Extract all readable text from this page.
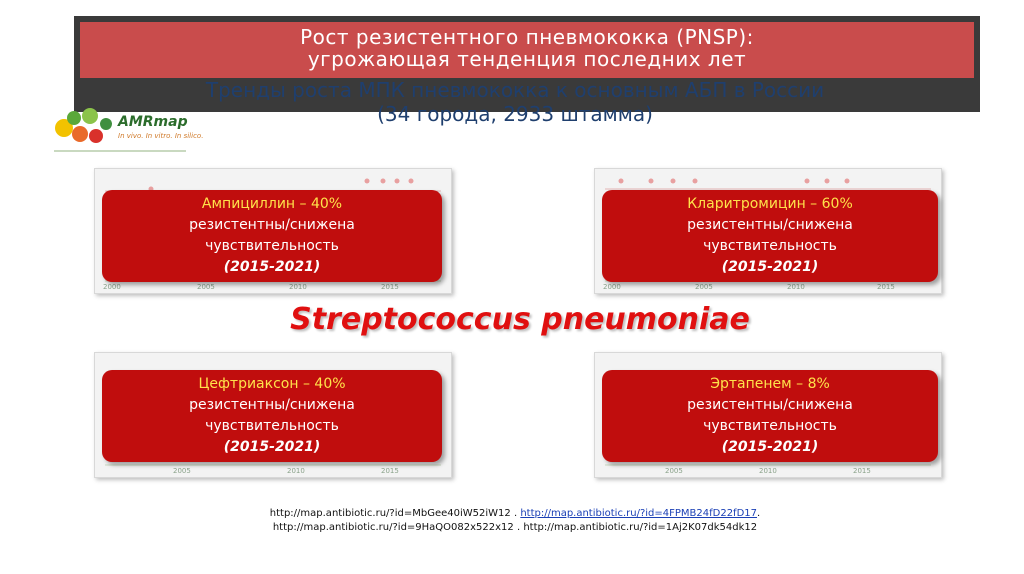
Рост резистентного пневмококка (PNSP):
угрожающая тенденция последних лет
Тренды роста МПК пневмококка к основным АБП в России
(34 города, 2933 штамма)
AMRmap
In vivo. In vitro. In silico.
2000	2005	2010	2015	2000	2005	2010	2015
2005	2010	2015	2005	2010	2015
Ампициллин – 40%
резистентны/снижена
чувствительность
(2015-2021)
Кларитромицин – 60%
резистентны/снижена
чувствительность
(2015-2021)
Цефтриаксон – 40%
резистентны/снижена
чувствительность
(2015-2021)
Эртапенем – 8%
резистентны/снижена
чувствительность
(2015-2021)
Streptococcus pneumoniae
http://map.antibiotic.ru/?id=MbGee40iW52iW12 . http://map.antibiotic.ru/?id=4FPMB24fD22fD17.
http://map.antibiotic.ru/?id=9HaQO082x522x12 . http://map.antibiotic.ru/?id=1Aj2K07dk54dk12
